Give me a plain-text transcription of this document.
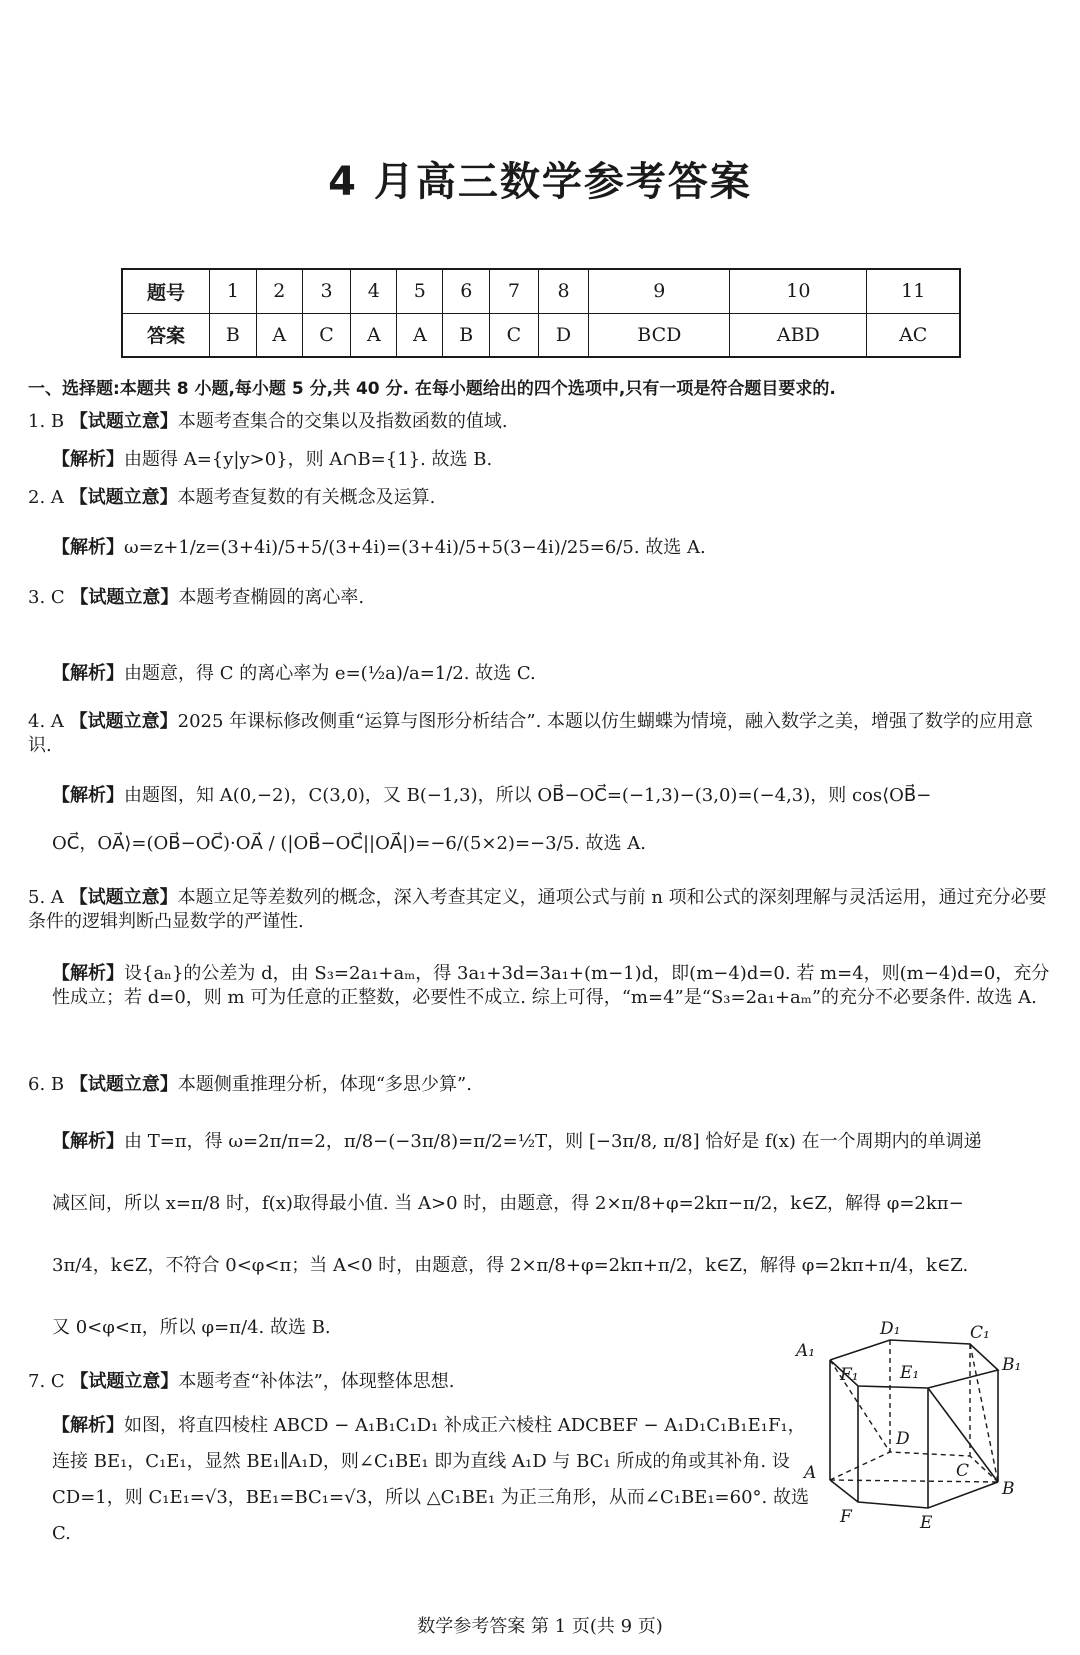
4 月高三数学参考答案
题号	1	2	3	4	5	6	7	8	9	10	11
答案	B	A	C	A	A	B	C	D	BCD	ABD	AC
一、选择题:本题共 8 小题,每小题 5 分,共 40 分. 在每小题给出的四个选项中,只有一项是符合题目要求的.
1. B 【试题立意】本题考查集合的交集以及指数函数的值域.
【解析】由题得 A={y|y>0}，则 A∩B={1}. 故选 B.
2. A 【试题立意】本题考查复数的有关概念及运算.
【解析】ω=z+1/z=(3+4i)/5+5/(3+4i)=(3+4i)/5+5(3−4i)/25=6/5. 故选 A.
3. C 【试题立意】本题考查椭圆的离心率.
【解析】由题意，得 C 的离心率为 e=(½a)/a=1/2. 故选 C.
4. A 【试题立意】2025 年课标修改侧重“运算与图形分析结合”. 本题以仿生蝴蝶为情境，融入数学之美，增强了数学的应用意识.
【解析】由题图，知 A(0,−2)，C(3,0)，又 B(−1,3)，所以 OB⃗−OC⃗=(−1,3)−(3,0)=(−4,3)，则 cos⟨OB⃗−
OC⃗，OA⃗⟩=(OB⃗−OC⃗)·OA⃗ / (|OB⃗−OC⃗||OA⃗|)=−6/(5×2)=−3/5. 故选 A.
5. A 【试题立意】本题立足等差数列的概念，深入考查其定义，通项公式与前 n 项和公式的深刻理解与灵活运用，通过充分必要条件的逻辑判断凸显数学的严谨性.
【解析】设{aₙ}的公差为 d，由 S₃=2a₁+aₘ，得 3a₁+3d=3a₁+(m−1)d，即(m−4)d=0. 若 m=4，则(m−4)d=0，充分性成立；若 d=0，则 m 可为任意的正整数，必要性不成立. 综上可得，“m=4”是“S₃=2a₁+aₘ”的充分不必要条件. 故选 A.
6. B 【试题立意】本题侧重推理分析，体现“多思少算”.
【解析】由 T=π，得 ω=2π/π=2，π/8−(−3π/8)=π/2=½T，则 [−3π/8, π/8] 恰好是 f(x) 在一个周期内的单调递
减区间，所以 x=π/8 时，f(x)取得最小值. 当 A>0 时，由题意，得 2×π/8+φ=2kπ−π/2，k∈Z，解得 φ=2kπ−
3π/4，k∈Z，不符合 0<φ<π；当 A<0 时，由题意，得 2×π/8+φ=2kπ+π/2，k∈Z，解得 φ=2kπ+π/4，k∈Z.
又 0<φ<π，所以 φ=π/4. 故选 B.
7. C 【试题立意】本题考查“补体法”，体现整体思想.
【解析】如图，将直四棱柱 ABCD − A₁B₁C₁D₁ 补成正六棱柱 ADCBEF − A₁D₁C₁B₁E₁F₁，连接 BE₁，C₁E₁，显然 BE₁∥A₁D，则∠C₁BE₁ 即为直线 A₁D 与 BC₁ 所成的角或其补角. 设 CD=1，则 C₁E₁=√3，BE₁=BC₁=√3，所以 △C₁BE₁ 为正三角形，从而∠C₁BE₁=60°. 故选 C.
D₁	C₁
A₁
F₁ E₁	B₁
D
A	C
B
F	E
数学参考答案 第 1 页(共 9 页)
